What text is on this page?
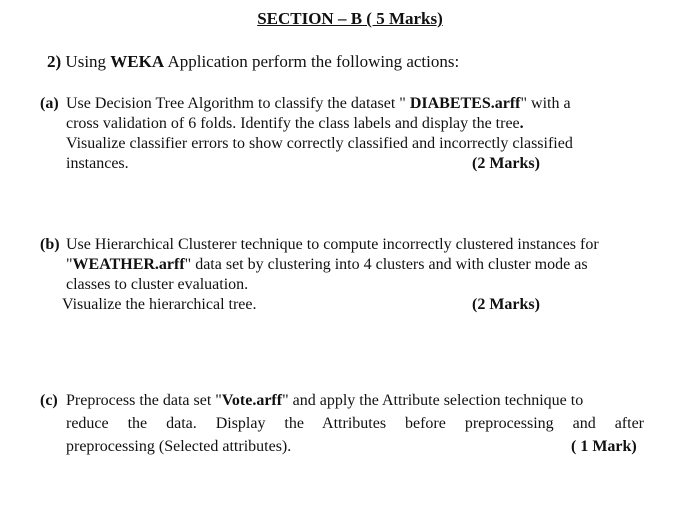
SECTION – B ( 5 Marks)
2) Using WEKA Application perform the following actions:
(a) Use Decision Tree Algorithm to classify the dataset " DIABETES.arff" with a
cross validation of 6 folds. Identify the class labels and display the tree.
Visualize classifier errors to show correctly classified and incorrectly classified
instances.	(2 Marks)
(b) Use Hierarchical Clusterer technique to compute incorrectly clustered instances for
"WEATHER.arff" data set by clustering into 4 clusters and with cluster mode as
classes to cluster evaluation.
Visualize the hierarchical tree.	(2 Marks)
(c) Preprocess the data set "Vote.arff" and apply the Attribute selection technique to
reduce the data. Display the Attributes before preprocessing and after
preprocessing (Selected attributes).	( 1 Mark)
